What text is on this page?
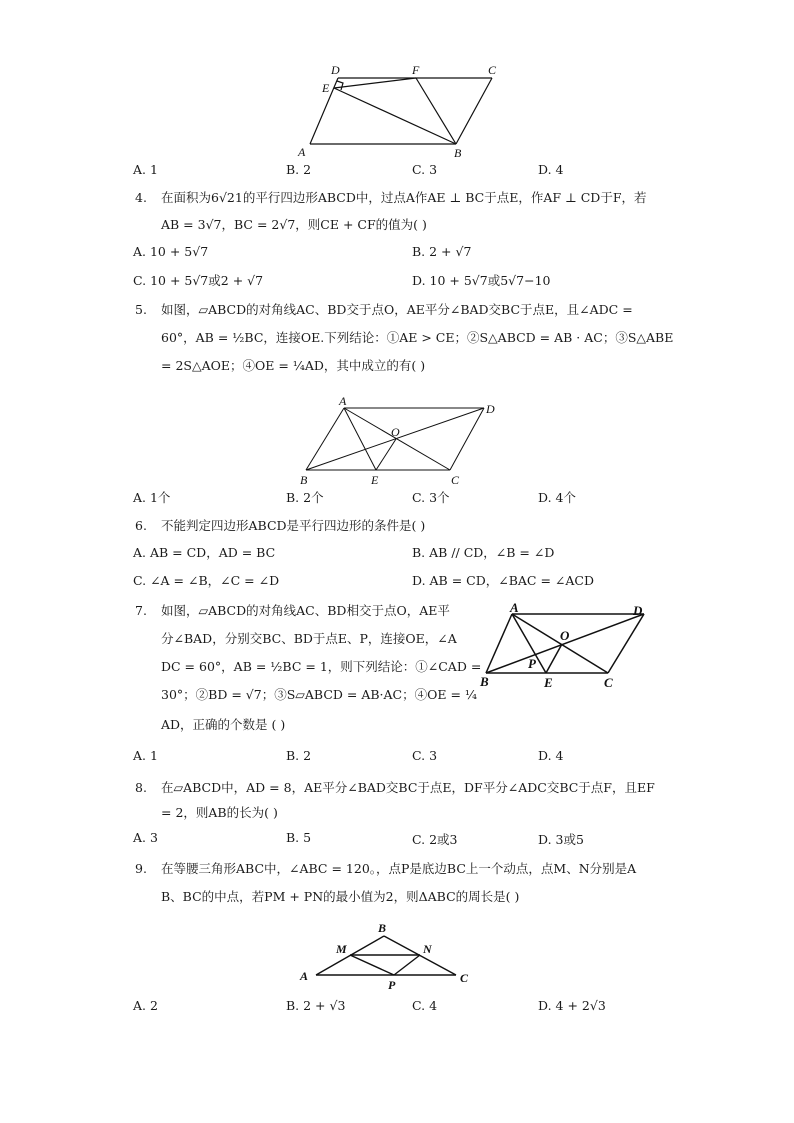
D	F	C
E
A	B
A. 1	B. 2	C. 3	D. 4
4. 在面积为6√21的平行四边形ABCD中，过点A作AE ⊥ BC于点E，作AF ⊥ CD于F，若
AB = 3√7，BC = 2√7，则CE + CF的值为( )
A. 10 + 5√7	B. 2 + √7
C. 10 + 5√7或2 + √7	D. 10 + 5√7或5√7−10
5. 如图，▱ABCD的对角线AC、BD交于点O，AE平分∠BAD交BC于点E，且∠ADC =
60°，AB = ½BC，连接OE.下列结论：①AE > CE；②S△ABCD = AB · AC；③S△ABE
= 2S△AOE；④OE = ¼AD，其中成立的有( )
A
D
O
B	E	C
A. 1个	B. 2个	C. 3个	D. 4个
6. 不能判定四边形ABCD是平行四边形的条件是( )
A. AB = CD，AD = BC	B. AB // CD，∠B = ∠D
C. ∠A = ∠B，∠C = ∠D	D. AB = CD，∠BAC = ∠ACD
7. 如图，▱ABCD的对角线AC、BD相交于点O，AE平
分∠BAD，分别交BC、BD于点E、P，连接OE，∠A
DC = 60°，AB = ½BC = 1，则下列结论：①∠CAD =
30°；②BD = √7；③S▱ABCD = AB·AC；④OE = ¼
AD，正确的个数是 ( )
A	D
O
P
B	E	C
A. 1	B. 2	C. 3	D. 4
8. 在▱ABCD中，AD = 8，AE平分∠BAD交BC于点E，DF平分∠ADC交BC于点F，且EF
= 2，则AB的长为( )
A. 3	B. 5	C. 2或3	D. 3或5
9. 在等腰三角形ABC中，∠ABC = 120。，点P是底边BC上一个动点，点M、N分别是A
B、BC的中点，若PM + PN的最小值为2，则ΔABC的周长是( )
B
M	N
A
P	C
A. 2	B. 2 + √3	C. 4	D. 4 + 2√3
